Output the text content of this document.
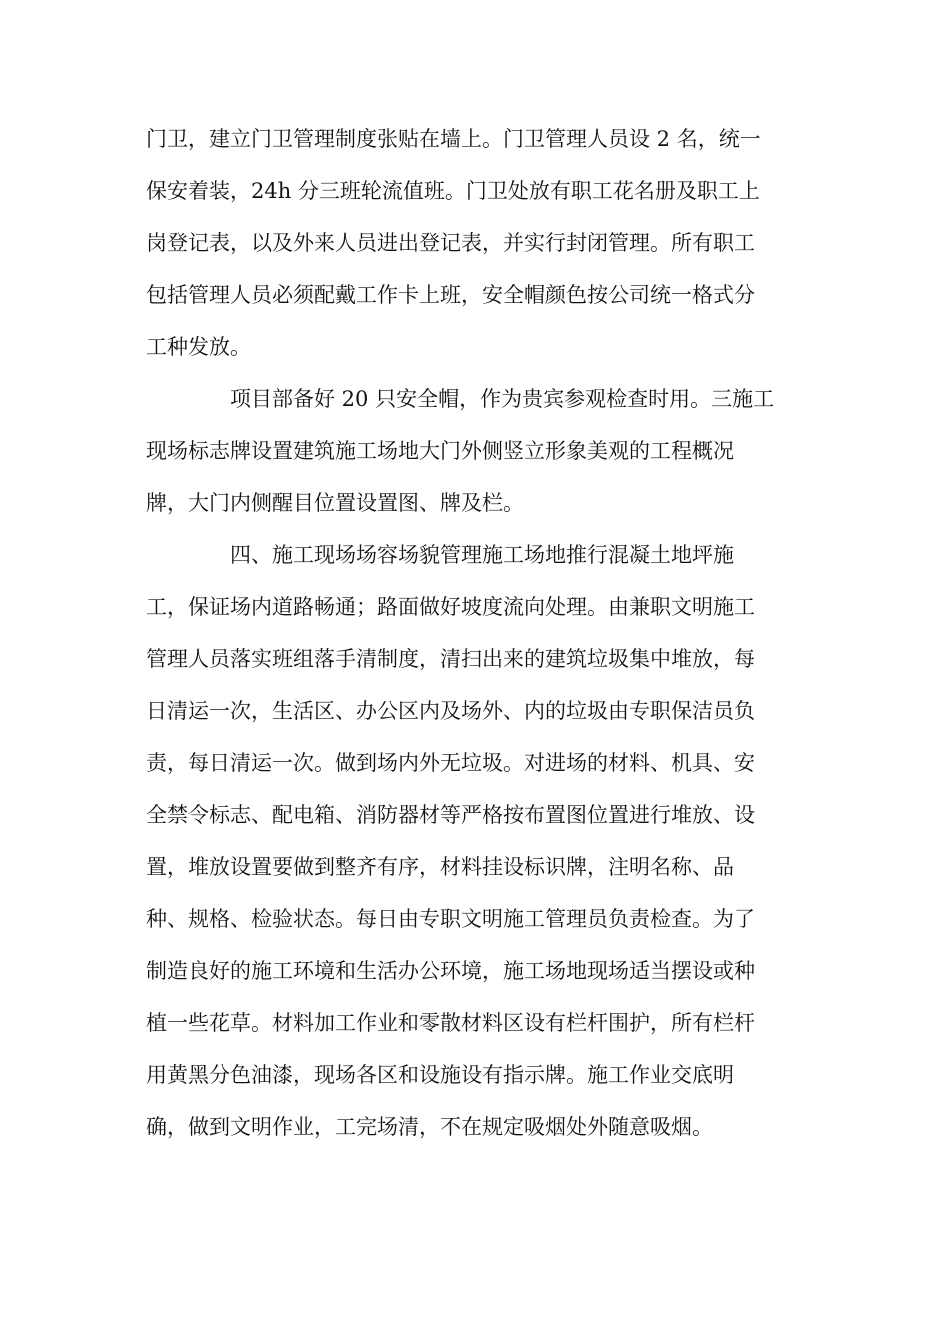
门卫，建立门卫管理制度张贴在墙上。门卫管理人员设 2 名，统一
保安着装，24h 分三班轮流值班。门卫处放有职工花名册及职工上
岗登记表，以及外来人员进出登记表，并实行封闭管理。所有职工
包括管理人员必须配戴工作卡上班，安全帽颜色按公司统一格式分
工种发放。
项目部备好 20 只安全帽，作为贵宾参观检查时用。三施工
现场标志牌设置建筑施工场地大门外侧竖立形象美观的工程概况
牌，大门内侧醒目位置设置图、牌及栏。
四、施工现场场容场貌管理施工场地推行混凝土地坪施
工，保证场内道路畅通；路面做好坡度流向处理。由兼职文明施工
管理人员落实班组落手清制度，清扫出来的建筑垃圾集中堆放，每
日清运一次，生活区、办公区内及场外、内的垃圾由专职保洁员负
责，每日清运一次。做到场内外无垃圾。对进场的材料、机具、安
全禁令标志、配电箱、消防器材等严格按布置图位置进行堆放、设
置，堆放设置要做到整齐有序，材料挂设标识牌，注明名称、品
种、规格、检验状态。每日由专职文明施工管理员负责检查。为了
制造良好的施工环境和生活办公环境，施工场地现场适当摆设或种
植一些花草。材料加工作业和零散材料区设有栏杆围护，所有栏杆
用黄黑分色油漆，现场各区和设施设有指示牌。施工作业交底明
确，做到文明作业，工完场清，不在规定吸烟处外随意吸烟。
